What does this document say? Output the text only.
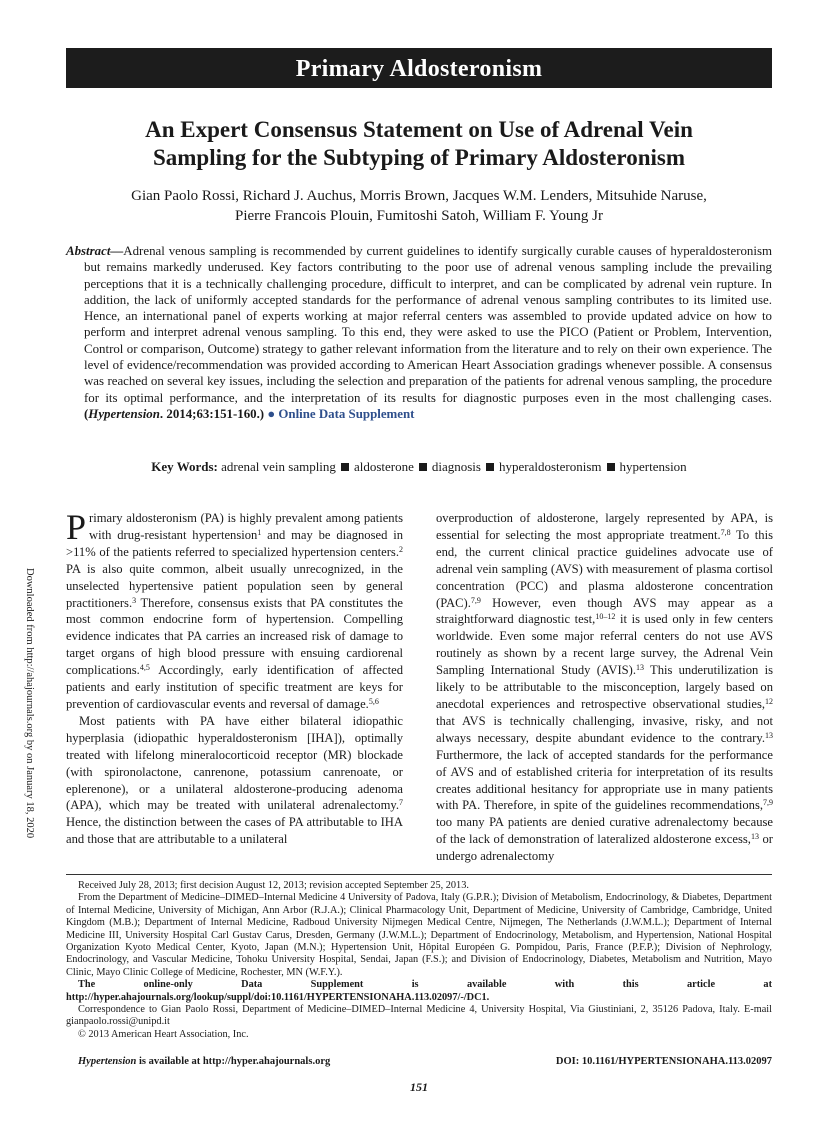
Primary Aldosteronism
An Expert Consensus Statement on Use of Adrenal Vein
Sampling for the Subtyping of Primary Aldosteronism
Gian Paolo Rossi, Richard J. Auchus, Morris Brown, Jacques W.M. Lenders, Mitsuhide Naruse,
Pierre Francois Plouin, Fumitoshi Satoh, William F. Young Jr

Abstract—Adrenal venous sampling is recommended by current guidelines to identify surgically curable causes of hyperaldosteronism but remains markedly underused. Key factors contributing to the poor use of adrenal venous sampling include the prevailing perceptions that it is a technically challenging procedure, difficult to interpret, and can be complicated by adrenal vein rupture. In addition, the lack of uniformly accepted standards for the performance of adrenal venous sampling contributes to its limited use. Hence, an international panel of experts working at major referral centers was assembled to provide updated advice on how to perform and interpret adrenal venous sampling. To this end, they were asked to use the PICO (Patient or Problem, Intervention, Control or comparison, Outcome) strategy to gather relevant information from the literature and to rely on their own experience. The level of evidence/recommendation was provided according to American Heart Association gradings whenever possible. A consensus was reached on several key issues, including the selection and preparation of the patients for adrenal venous sampling, the procedure for its optimal performance, and the interpretation of its results for diagnostic purposes even in the most challenging cases. (Hypertension. 2014;63:151-160.) ● Online Data Supplement

Key Words: adrenal vein sampling aldosterone diagnosis hyperaldosteronism hypertension
Downloaded from http://ahajournals.org by on January 18, 2020

Primary aldosteronism (PA) is highly prevalent among patients with drug-resistant hypertension$^1$ and may be diagnosed in >11% of the patients referred to specialized hypertension centers.$^2$ PA is also quite common, albeit usually unrecognized, in the unselected hypertensive patient population seen by general practitioners.$^3$ Therefore, consensus exists that PA constitutes the most common endocrine form of hypertension. Compelling evidence indicates that PA carries an increased risk of damage to target organs of high blood pressure with ensuing cardiorenal complications.$^{4,5}$ Accordingly, early identification of affected patients and early institution of specific treatment are keys for prevention of cardiovascular events and reversal of damage.$^{5,6}$

Most patients with PA have either bilateral idiopathic hyperplasia (idiopathic hyperaldosteronism [IHA]), optimally treated with lifelong mineralocorticoid receptor (MR) blockade (with spironolactone, canrenone, potassium canrenoate, or eplerenone), or a unilateral aldosterone-producing adenoma (APA), which may be treated with unilateral adrenalectomy.$^7$ Hence, the distinction between the cases of PA attributable to IHA and those that are attributable to a unilateral

overproduction of aldosterone, largely represented by APA, is essential for selecting the most appropriate treatment.$^{7,8}$ To this end, the current clinical practice guidelines advocate use of adrenal vein sampling (AVS) with measurement of plasma cortisol concentration (PCC) and plasma aldosterone concentration (PAC).$^{7,9}$ However, even though AVS may appear as a straightforward diagnostic test,$^{10-12}$ it is used only in few centers worldwide. Even some major referral centers do not use AVS routinely as shown by a recent large survey, the Adrenal Vein Sampling International Study (AVIS).$^{13}$ This underutilization is likely to be attributable to the misconception, largely based on anecdotal experiences and retrospective observational studies,$^{12}$ that AVS is technically challenging, invasive, risky, and not always necessary, despite abundant evidence to the contrary.$^{13}$ Furthermore, the lack of accepted standards for the performance of AVS and of established criteria for interpretation of its results creates additional hesitancy for appropriate use in many patients with PA. Therefore, in spite of the guidelines recommendations,$^{7,9}$ too many PA patients are denied curative adrenalectomy because of the lack of demonstration of lateralized aldosterone excess,$^{13}$ or undergo adrenalectomy

Received July 28, 2013; first decision August 12, 2013; revision accepted September 25, 2013.

From the Department of Medicine–DIMED–Internal Medicine 4 University of Padova, Italy (G.P.R.); Division of Metabolism, Endocrinology, & Diabetes, Department of Internal Medicine, University of Michigan, Ann Arbor (R.J.A.); Clinical Pharmacology Unit, Department of Medicine, University of Cambridge, Cambridge, United Kingdom (M.B.); Department of Internal Medicine, Radboud University Nijmegen Medical Centre, Nijmegen, The Netherlands (J.W.M.L.); Department of Internal Medicine III, University Hospital Carl Gustav Carus, Dresden, Germany (J.W.M.L.); Department of Endocrinology, Metabolism, and Hypertension, National Hospital Organization Kyoto Medical Center, Kyoto, Japan (M.N.); Hypertension Unit, Hôpital Européen G. Pompidou, Paris, France (P.F.P.); Division of Nephrology, Endocrinology, and Vascular Medicine, Tohoku University Hospital, Sendai, Japan (F.S.); and Division of Endocrinology, Diabetes, Metabolism and Nutrition, Mayo Clinic, Mayo Clinic College of Medicine, Rochester, MN (W.F.Y.).

The online-only Data Supplement is available with this article at http://hyper.ahajournals.org/lookup/suppl/doi:10.1161/HYPERTENSIONAHA.113.02097/-/DC1.

Correspondence to Gian Paolo Rossi, Department of Medicine–DIMED–Internal Medicine 4, University Hospital, Via Giustiniani, 2, 35126 Padova, Italy. E-mail gianpaolo.rossi@unipd.it

© 2013 American Heart Association, Inc.

Hypertension is available at http://hyper.ahajournals.org	DOI: 10.1161/HYPERTENSIONAHA.113.02097
151
